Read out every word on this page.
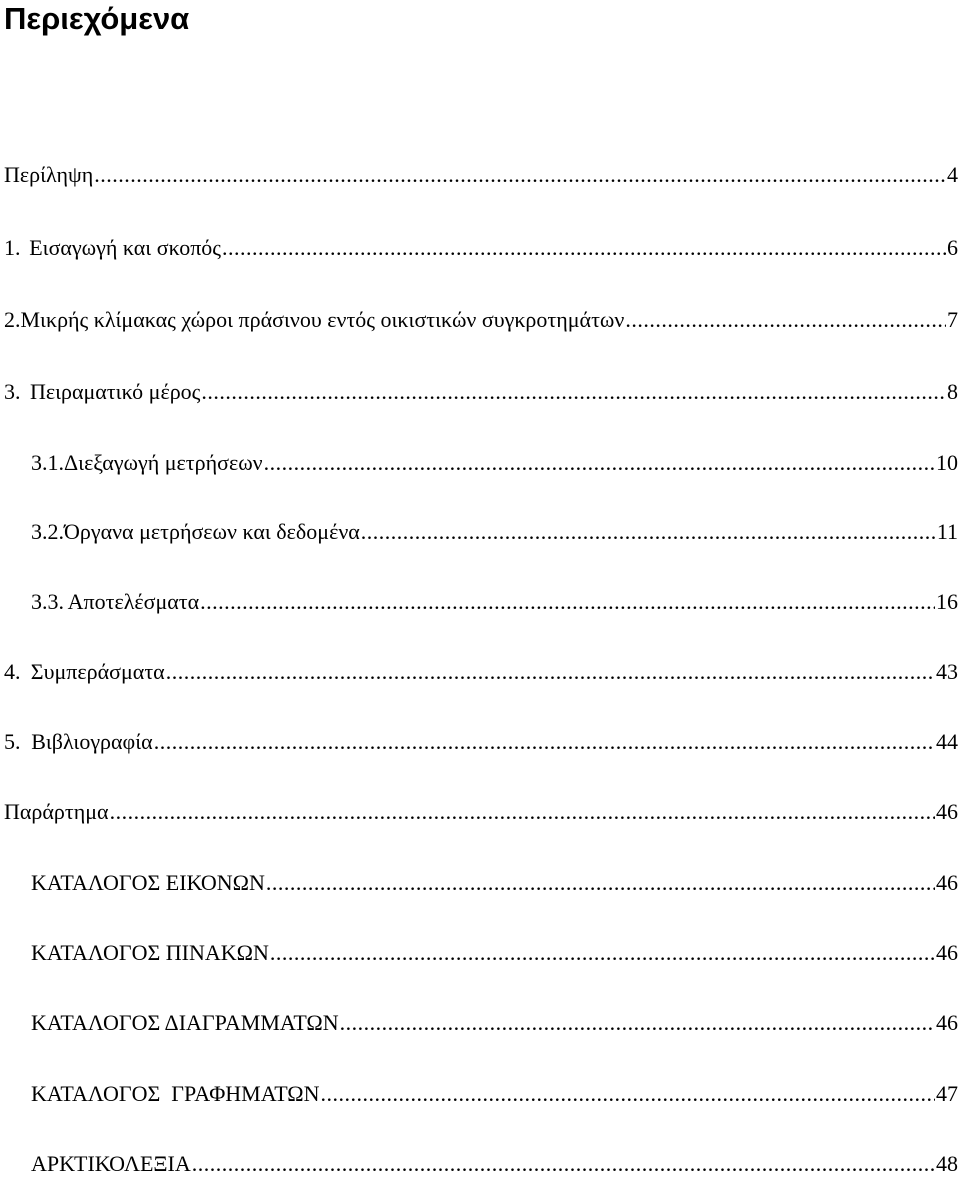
Περιεχόμενα
Περίληψη .....	4
1. Εισαγωγή και σκοπός .....	6
2. Μικρής κλίμακας χώροι πράσινου εντός οικιστικών συγκροτημάτων .....	7
3. Πειραματικό μέρος .....	8
3.1. Διεξαγωγή μετρήσεων .....	10
3.2. Όργανα μετρήσεων και δεδομένα .....	11
3.3. Αποτελέσματα .....	16
4. Συμπεράσματα .....	43
5. Βιβλιογραφία .....	44
Παράρτημα .....	46
ΚΑΤΑΛΟΓΟΣ ΕΙΚΟΝΩΝ .....	46
ΚΑΤΑΛΟΓΟΣ ΠΙΝΑΚΩΝ .....	46
ΚΑΤΑΛΟΓΟΣ ΔΙΑΓΡΑΜΜΑΤΩΝ .....	46
ΚΑΤΑΛΟΓΟΣ  ΓΡΑΦΗΜΑΤΩΝ .....	47
ΑΡΚΤΙΚΟΛΕΞΙΑ .....	48
